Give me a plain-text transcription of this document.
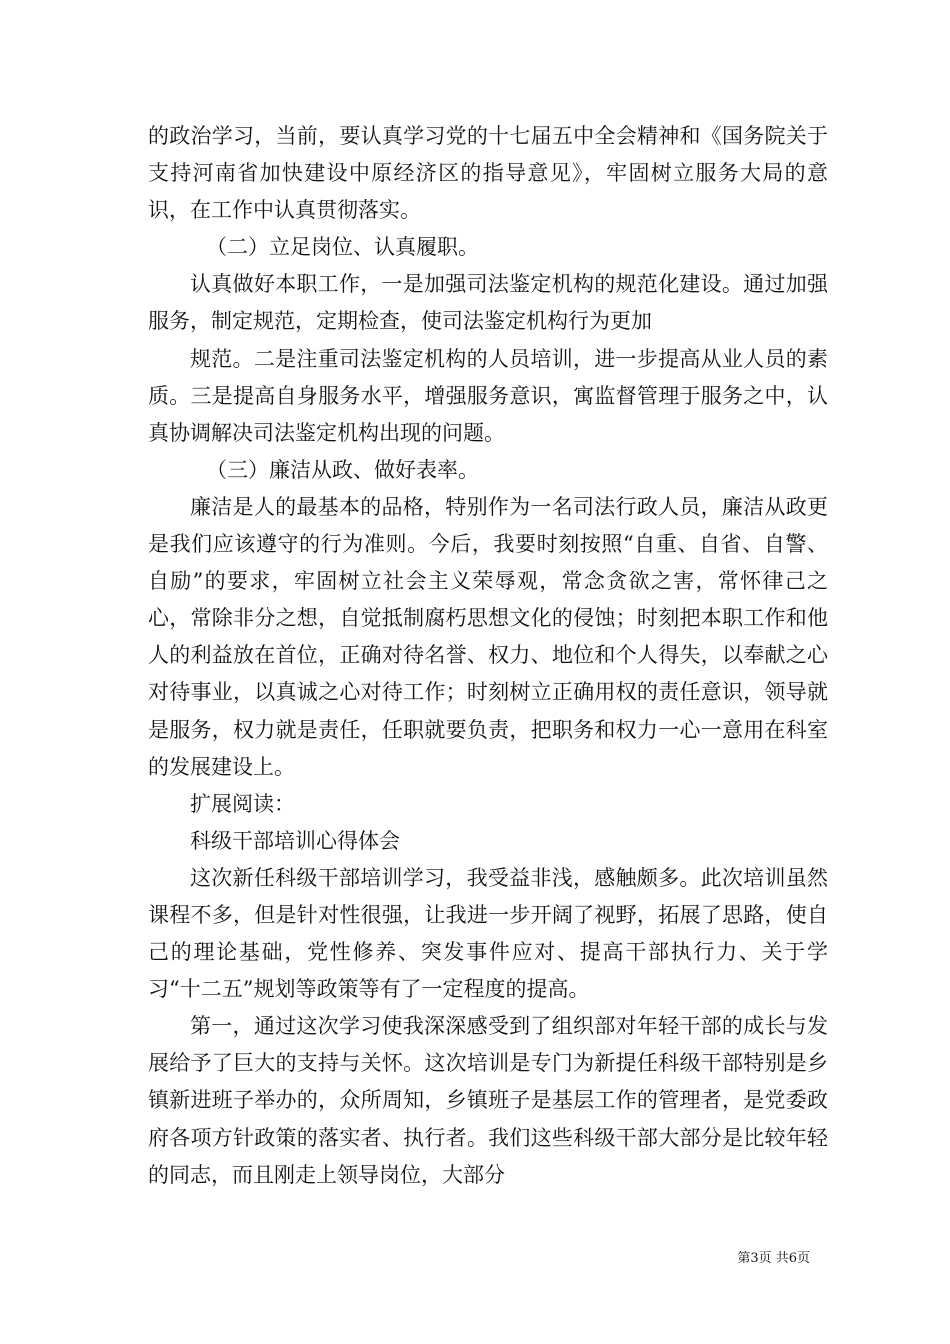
的政治学习，当前，要认真学习党的十七届五中全会精神和《国务院关于支持河南省加快建设中原经济区的指导意见》，牢固树立服务大局的意识，在工作中认真贯彻落实。

（二）立足岗位、认真履职。

认真做好本职工作，一是加强司法鉴定机构的规范化建设。通过加强服务，制定规范，定期检查，使司法鉴定机构行为更加

规范。二是注重司法鉴定机构的人员培训，进一步提高从业人员的素质。三是提高自身服务水平，增强服务意识，寓监督管理于服务之中，认真协调解决司法鉴定机构出现的问题。

（三）廉洁从政、做好表率。

廉洁是人的最基本的品格，特别作为一名司法行政人员，廉洁从政更是我们应该遵守的行为准则。今后，我要时刻按照“自重、自省、自警、自励”的要求，牢固树立社会主义荣辱观，常念贪欲之害，常怀律己之心，常除非分之想，自觉抵制腐朽思想文化的侵蚀；时刻把本职工作和他人的利益放在首位，正确对待名誉、权力、地位和个人得失，以奉献之心对待事业，以真诚之心对待工作；时刻树立正确用权的责任意识，领导就是服务，权力就是责任，任职就要负责，把职务和权力一心一意用在科室的发展建设上。

扩展阅读：

科级干部培训心得体会

这次新任科级干部培训学习，我受益非浅，感触颇多。此次培训虽然课程不多，但是针对性很强，让我进一步开阔了视野，拓展了思路，使自己的理论基础，党性修养、突发事件应对、提高干部执行力、关于学习“十二五”规划等政策等有了一定程度的提高。

第一，通过这次学习使我深深感受到了组织部对年轻干部的成长与发展给予了巨大的支持与关怀。这次培训是专门为新提任科级干部特别是乡镇新进班子举办的，众所周知，乡镇班子是基层工作的管理者，是党委政府各项方针政策的落实者、执行者。我们这些科级干部大部分是比较年轻的同志，而且刚走上领导岗位，大部分

第3页 共6页
